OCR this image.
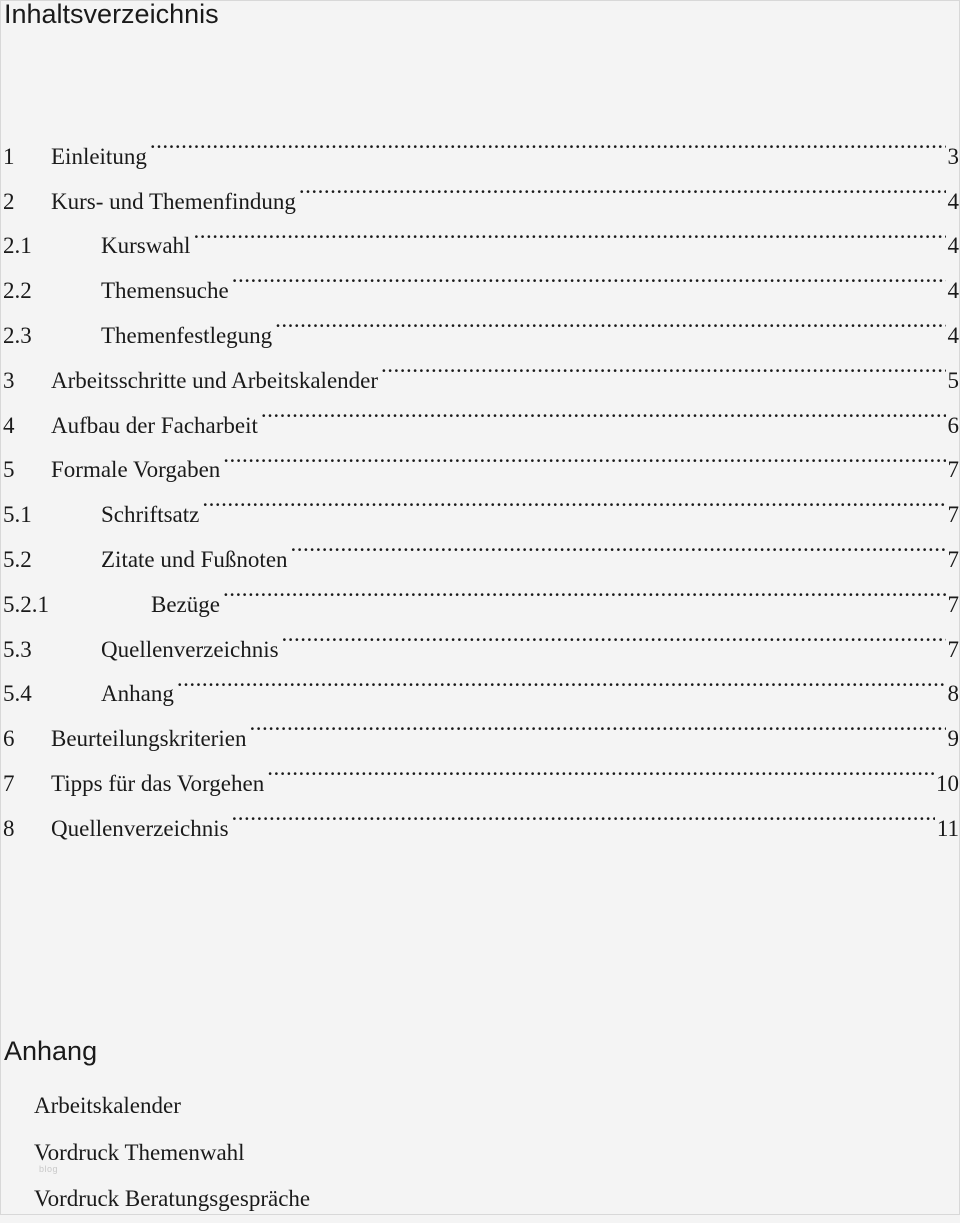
Inhaltsverzeichnis
1	Einleitung .....	3
2	Kurs- und Themenfindung .....	4
2.1	Kurswahl .....	4
2.2	Themensuche .....	4
2.3	Themenfestlegung .....	4
3	Arbeitsschritte und Arbeitskalender .....	5
4	Aufbau der Facharbeit .....	6
5	Formale Vorgaben .....	7
5.1	Schriftsatz .....	7
5.2	Zitate und Fußnoten .....	7
5.2.1	Bezüge .....	7
5.3	Quellenverzeichnis .....	7
5.4	Anhang .....	8
6	Beurteilungskriterien .....	9
7	Tipps für das Vorgehen .....	10
8	Quellenverzeichnis .....	11
Anhang
Arbeitskalender
Vordruck Themenwahl
Vordruck Beratungsgespräche
blog
